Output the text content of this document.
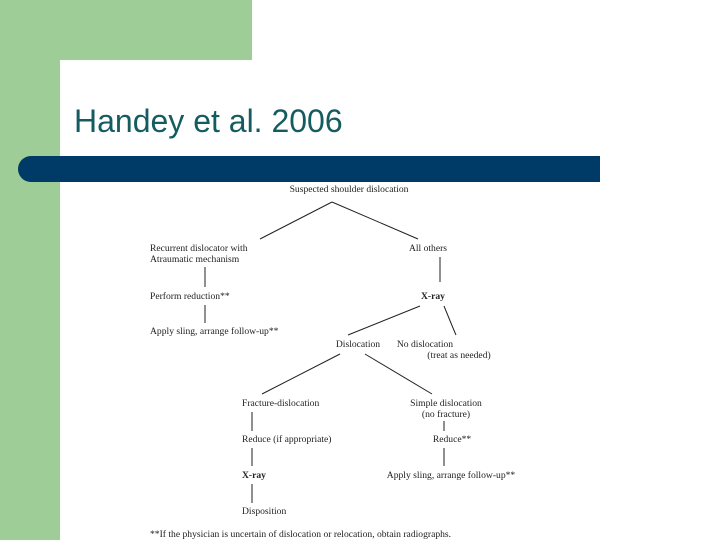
Handey et al. 2006
Suspected shoulder dislocation
Recurrent dislocator with
Atraumatic mechanism
Perform reduction**
Apply sling, arrange follow-up**
All others
X-ray
Dislocation No dislocation
(treat as needed)
Fracture-dislocation
Reduce (if appropriate)
X-ray
Disposition
Simple dislocation
(no fracture)
Reduce**
Apply sling, arrange follow-up**
**If the physician is uncertain of dislocation or relocation, obtain radiographs.
